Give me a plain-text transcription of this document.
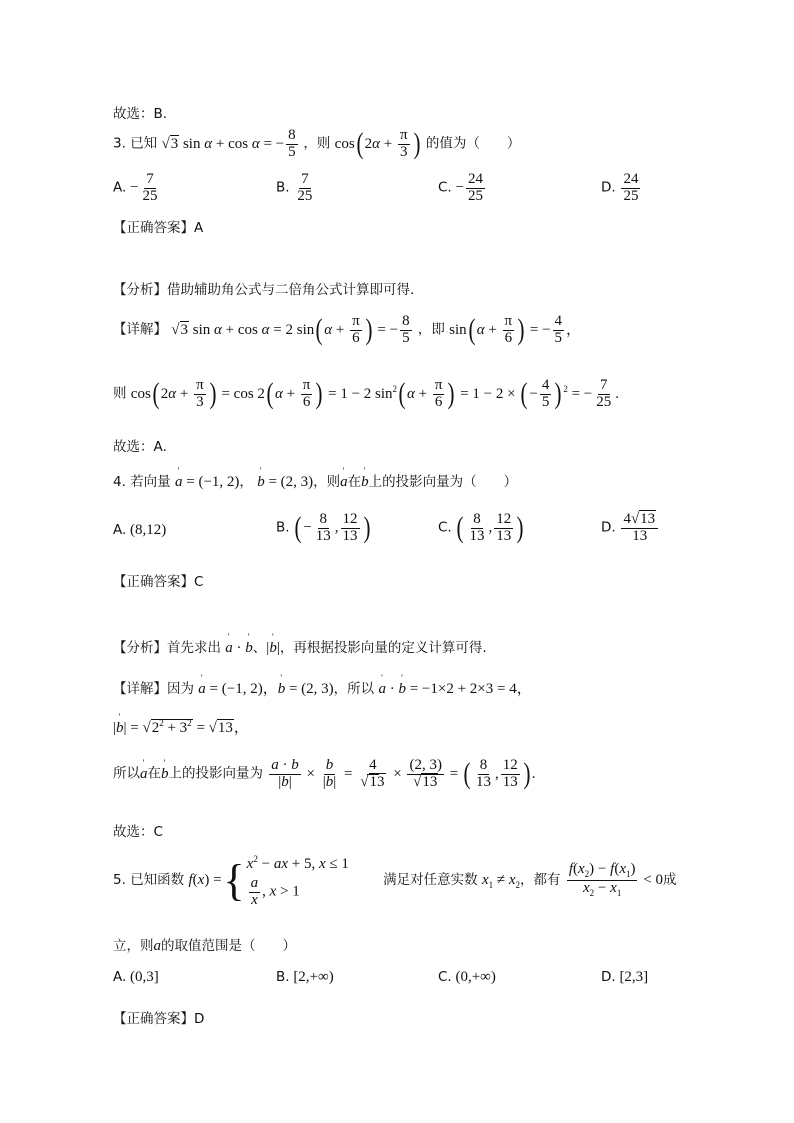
故选：B.
3. 已知 √ 3 sin α + cos α = − $\frac{8}{5}$ ，则 cos( $2\alpha + \frac{\pi}{3}$ ) 的值为（　　）
A. − $\frac{7}{25}$	B. $\frac{7}{25}$	C. − $\frac{24}{25}$	D. $\frac{24}{25}$
【正确答案】A
【分析】借助辅助角公式与二倍角公式计算即可得.
【详解】 √ 3 sin α + cos α = 2 sin( $\alpha + \frac{\pi}{6}$ ) = − $\frac{8}{5}$ ，即 sin( $\alpha + \frac{\pi}{6}$ ) = − $\frac{4}{5}$ ，
则 cos( $2\alpha + \frac{\pi}{3}$ ) = cos 2( $\alpha + \frac{\pi}{6}$ ) = 1 − 2 $\sin^2$( $\alpha + \frac{\pi}{6}$ ) = 1 − 2 × ( − $\frac{4}{5}$ ) $^2$ = − $\frac{7}{25}$ .
故选：A.
4. 若向量 ' a = (−1, 2)， ' b = (2, 3)，则' a在' b上的投影向量为（　　）
A. (8,12)	B. ( − $\frac{8}{13}$ , $\frac{12}{13}$ )	C. ( $\frac{8}{13}$ , $\frac{12}{13}$ )	D. $\frac{4 √ 13}{13}$
【正确答案】C
【分析】首先求出 ' a · ' b、|' b|，再根据投影向量的定义计算可得.
【详解】因为 ' a = (−1, 2)，' b = (2, 3)，所以 ' a · ' b = −1×2 + 2×3 = 4，
|' b| = √ $2^2 + 3^2$ = √ 13，
所以' a在' b上的投影向量为 $\frac{a \cdot b}{|b|} \times \frac{b}{|b|} = 4$
√ 13 × (2, 3)
√ 13 = ( $\frac{8}{13}$ , $\frac{12}{13}$ ) .
故选：C
5. 已知函数 f ( x ) = { $x^2$ − ax + 5, x ≤ 1
$\frac{a}{x}$ , x > 1
满足对任意实数 $x_1 \ne x_2$，都有 $\frac{f(x_2) - f(x_1)}{x_2 - x_1} < 0$成
立，则a的取值范围是（　　）
A. (0,3]	B. [2,+∞)	C. (0,+∞)	D. [2,3]
【正确答案】D
